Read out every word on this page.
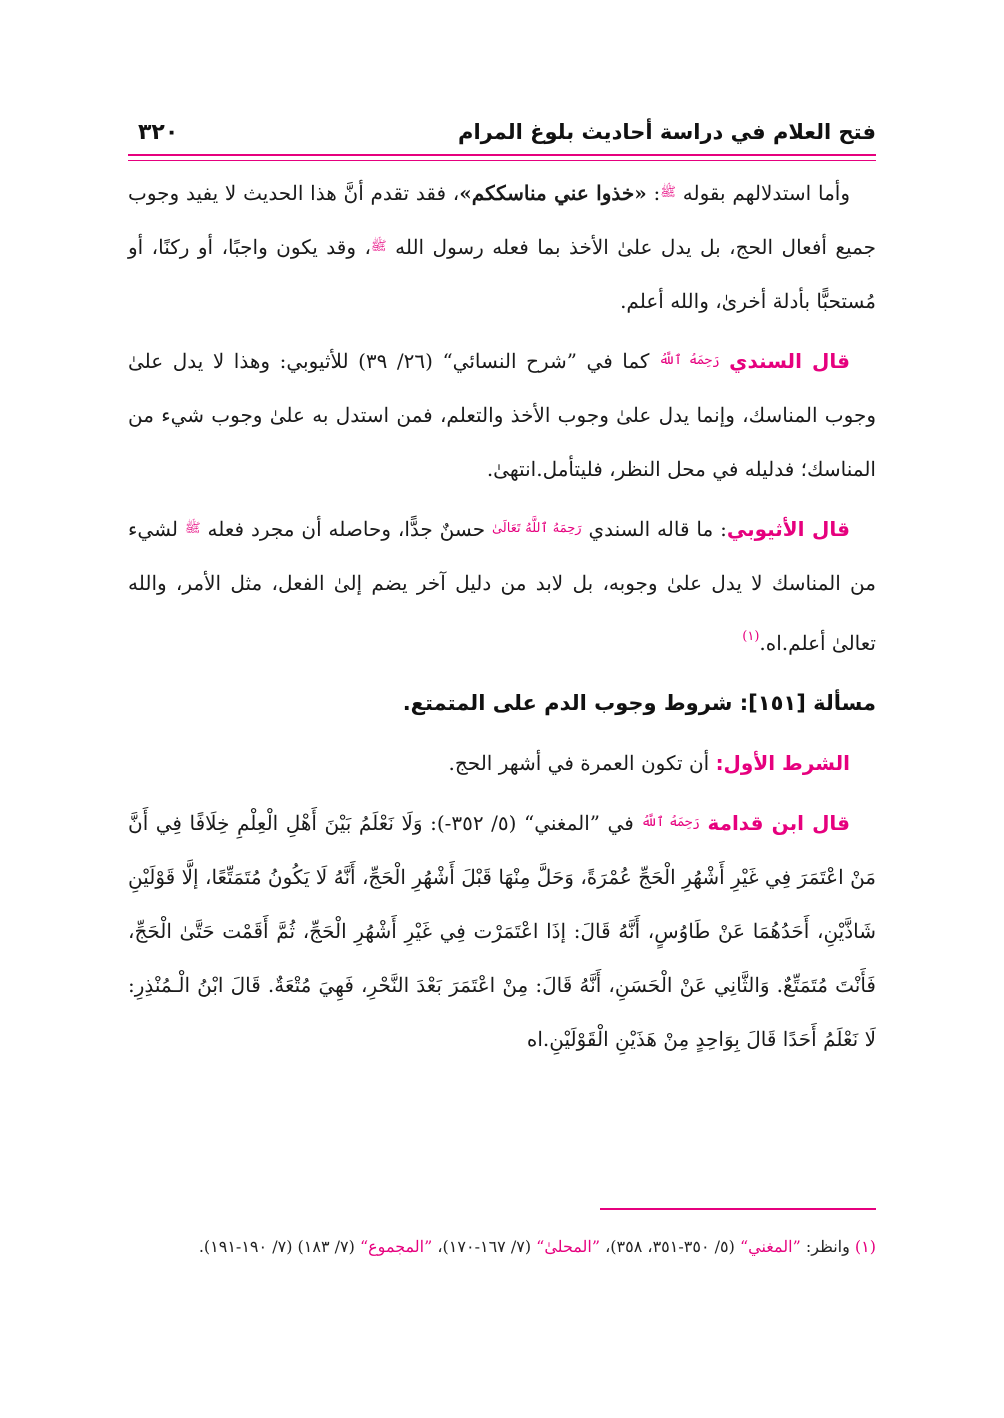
فتح العلام في دراسة أحاديث بلوغ المرام
٣٢٠

وأما استدلالهم بقوله $^ﷺ$: «خذوا عني مناسككم»، فقد تقدم أنَّ هذا الحديث لا يفيد وجوب جميع أفعال الحج، بل يدل علىٰ الأخذ بما فعله رسول الله $^ﷺ$، وقد يكون واجبًا، أو ركنًا، أو مُستحبًّا بأدلة أخرىٰ، والله أعلم.

قال السندي $^{رَحِمَهُ ٱللَّهُ}$ كما في ”شرح النسائي“ (٢٦/ ٣٩) للأثيوبي: وهذا لا يدل علىٰ وجوب المناسك، وإنما يدل علىٰ وجوب الأخذ والتعلم، فمن استدل به علىٰ وجوب شيء من المناسك؛ فدليله في محل النظر، فليتأمل.انتهىٰ.

قال الأثيوبي: ما قاله السندي $^{رَحِمَهُ ٱللَّهُ تَعَالَىٰ}$ حسنٌ جدًّا، وحاصله أن مجرد فعله $^ﷺ$ لشيء من المناسك لا يدل علىٰ وجوبه، بل لابد من دليل آخر يضم إلىٰ الفعل، مثل الأمر، والله تعالىٰ أعلم.اه.$^{(١)}$

مسألة [١٥١]: شروط وجوب الدم على المتمتع.

الشرط الأول: أن تكون العمرة في أشهر الحج.

قال ابن قدامة $^{رَحِمَهُ ٱللَّهُ}$ في ”المغني“ (٥/ ٣٥٢-): وَلَا نَعْلَمُ بَيْنَ أَهْلِ الْعِلْمِ خِلَافًا فِي أَنَّ مَنْ اعْتَمَرَ فِي غَيْرِ أَشْهُرِ الْحَجِّ عُمْرَةً، وَحَلَّ مِنْهَا قَبْلَ أَشْهُرِ الْحَجِّ، أَنَّهُ لَا يَكُونُ مُتَمَتِّعًا، إلَّا قَوْلَيْنِ شَاذَّيْنِ، أَحَدُهُمَا عَنْ طَاوُسٍ، أَنَّهُ قَالَ: إذَا اعْتَمَرْت فِي غَيْرِ أَشْهُرِ الْحَجِّ، ثُمَّ أَقَمْت حَتَّىٰ الْحَجِّ، فَأَنْتَ مُتَمَتِّعٌ. وَالثَّانِي عَنْ الْحَسَنِ، أَنَّهُ قَالَ: مِنْ اعْتَمَرَ بَعْدَ النَّحْرِ، فَهِيَ مُتْعَةٌ. قَالَ ابْنُ الْـمُنْذِرِ: لَا نَعْلَمُ أَحَدًا قَالَ بِوَاحِدٍ مِنْ هَذَيْنِ الْقَوْلَيْنِ.اه

(١) وانظر: ”المغني“ (٥/ ٣٥٠-٣٥١، ٣٥٨)، ”المحلىٰ“ (٧/ ١٦٧-١٧٠)، ”المجموع“ (٧/ ١٨٣) (٧/ ١٩٠-١٩١).
